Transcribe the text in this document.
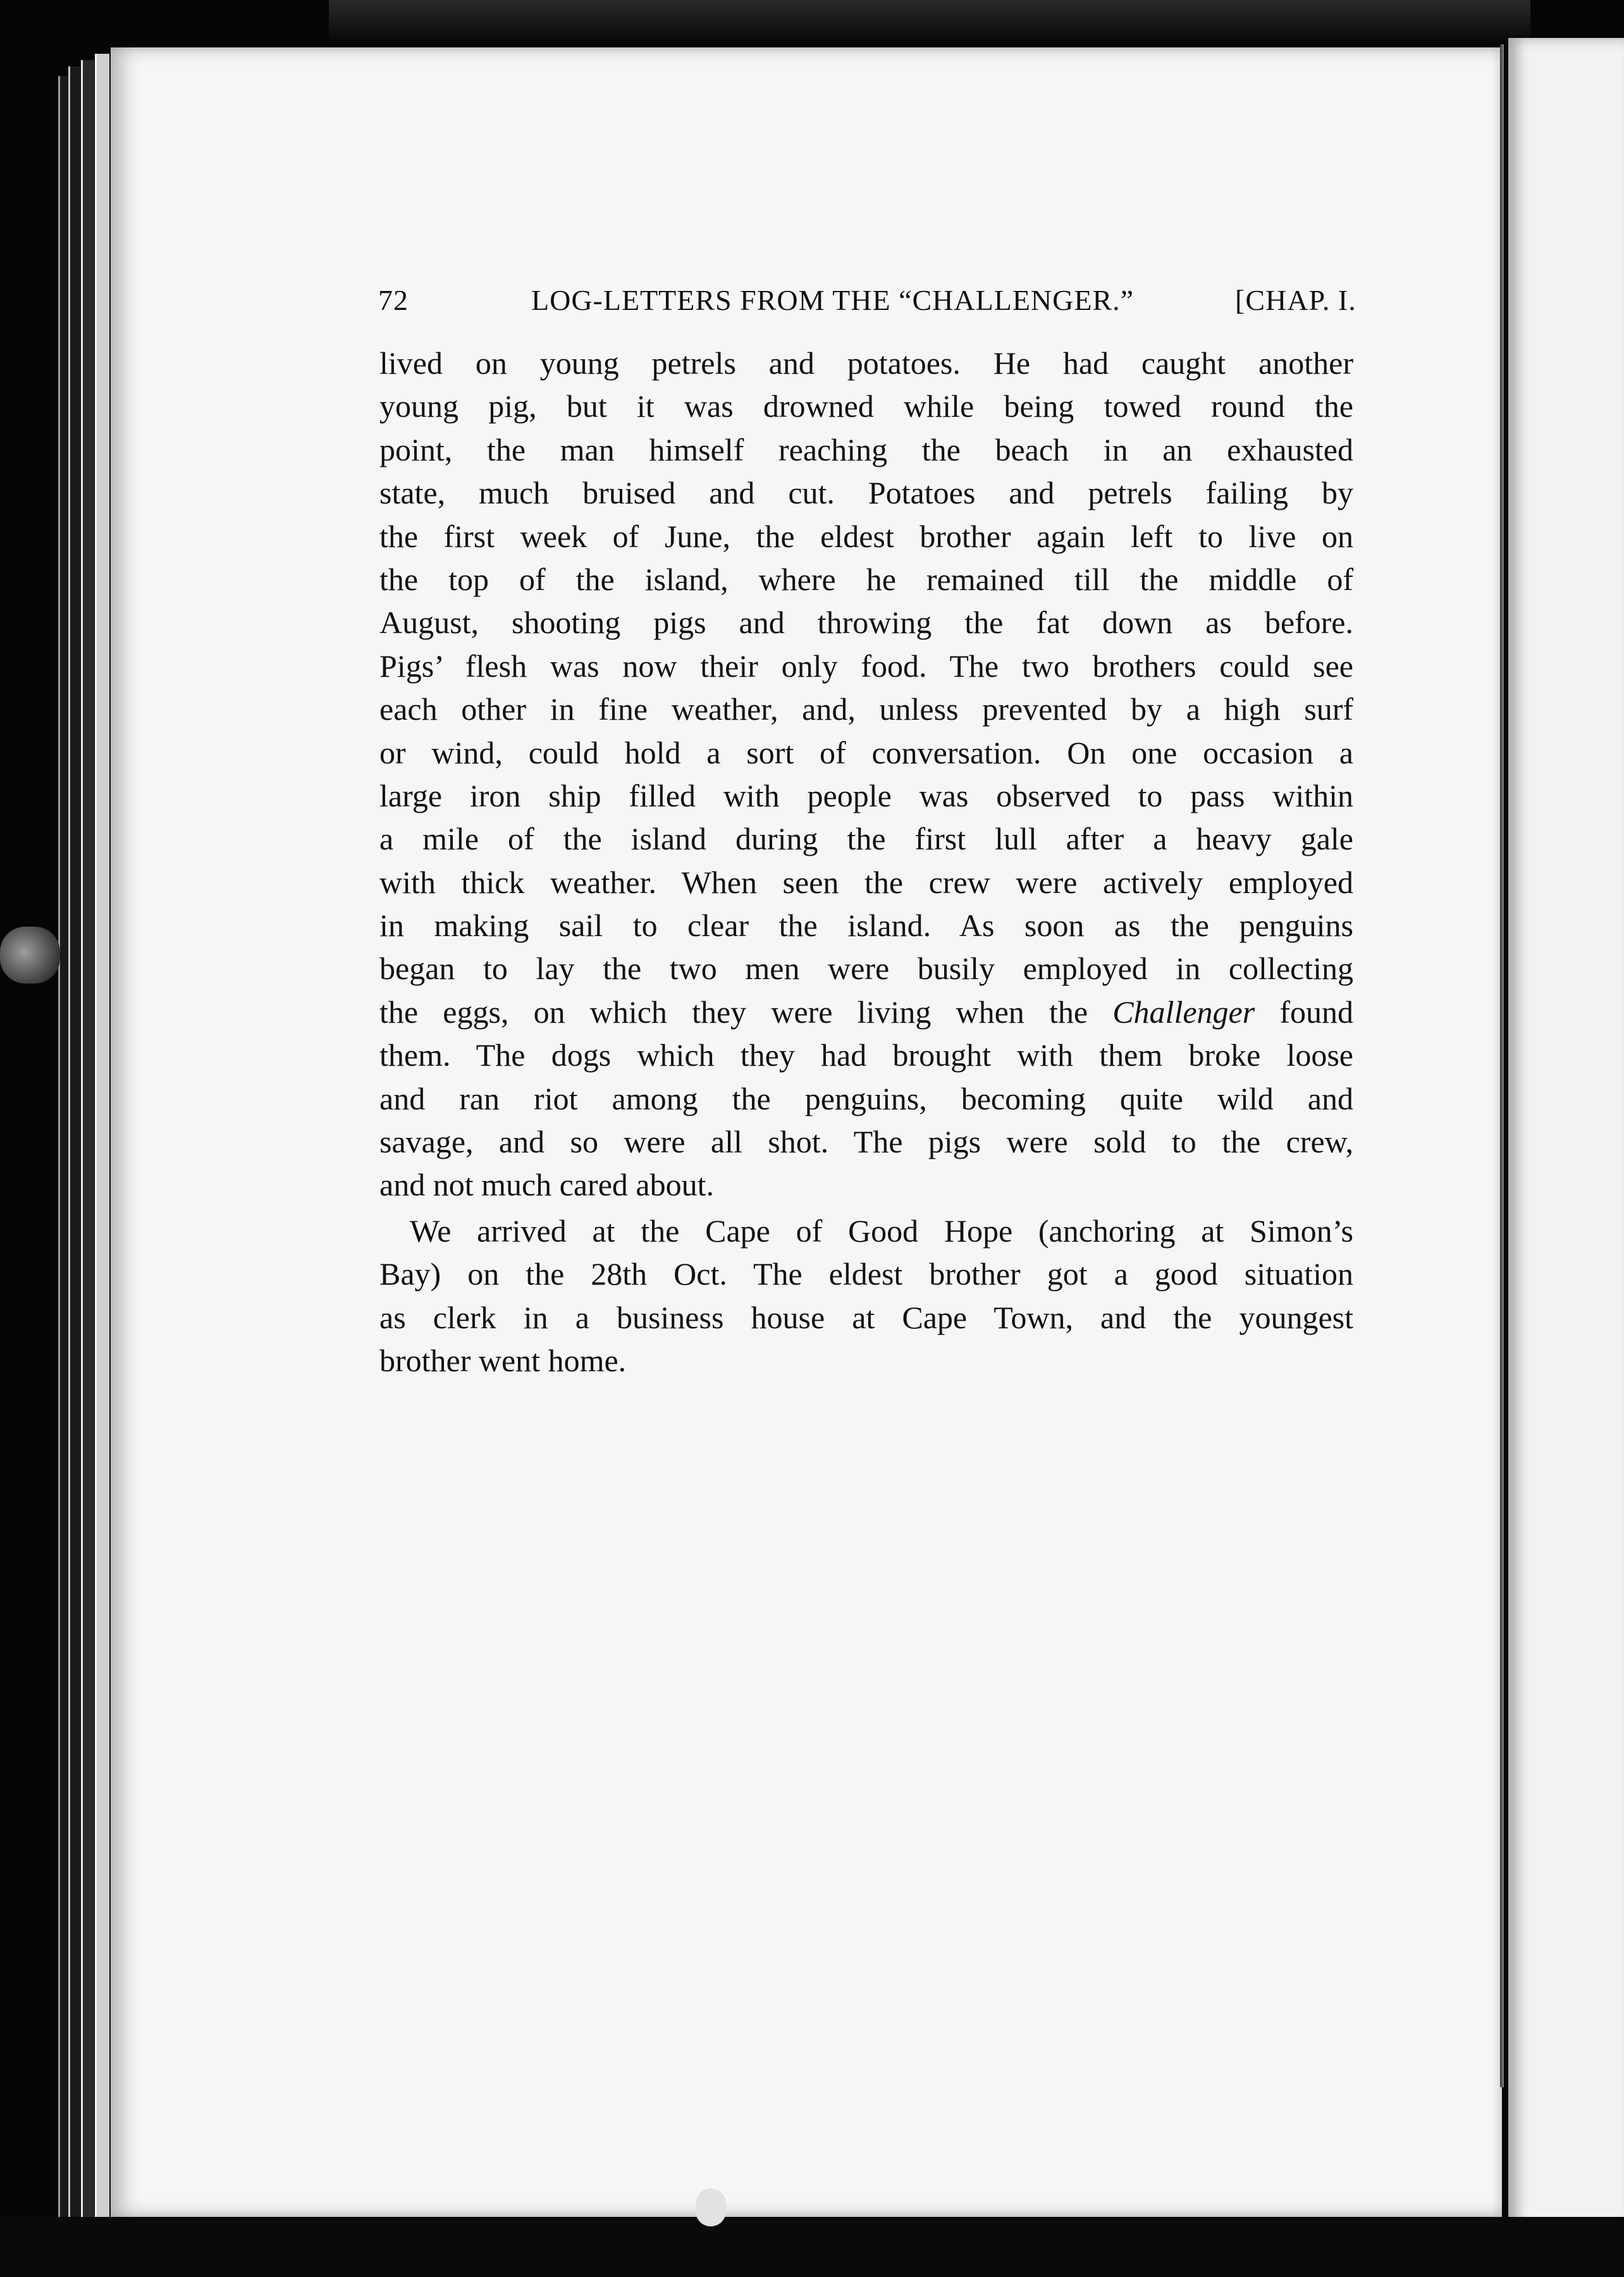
72	LOG-LETTERS FROM THE “CHALLENGER.”	[CHAP. I.
lived on young petrels and potatoes. He had caught another
young pig, but it was drowned while being towed round the
point, the man himself reaching the beach in an exhausted
state, much bruised and cut. Potatoes and petrels failing by
the first week of June, the eldest brother again left to live on
the top of the island, where he remained till the middle of
August, shooting pigs and throwing the fat down as before.
Pigs’ flesh was now their only food. The two brothers could see
each other in fine weather, and, unless prevented by a high surf
or wind, could hold a sort of conversation. On one occasion a
large iron ship filled with people was observed to pass within
a mile of the island during the first lull after a heavy gale
with thick weather. When seen the crew were actively employed
in making sail to clear the island. As soon as the penguins
began to lay the two men were busily employed in collecting
the eggs, on which they were living when the Challenger found
them. The dogs which they had brought with them broke loose
and ran riot among the penguins, becoming quite wild and
savage, and so were all shot. The pigs were sold to the crew,
and not much cared about.
We arrived at the Cape of Good Hope (anchoring at Simon’s
Bay) on the 28th Oct. The eldest brother got a good situation
as clerk in a business house at Cape Town, and the youngest
brother went home.
